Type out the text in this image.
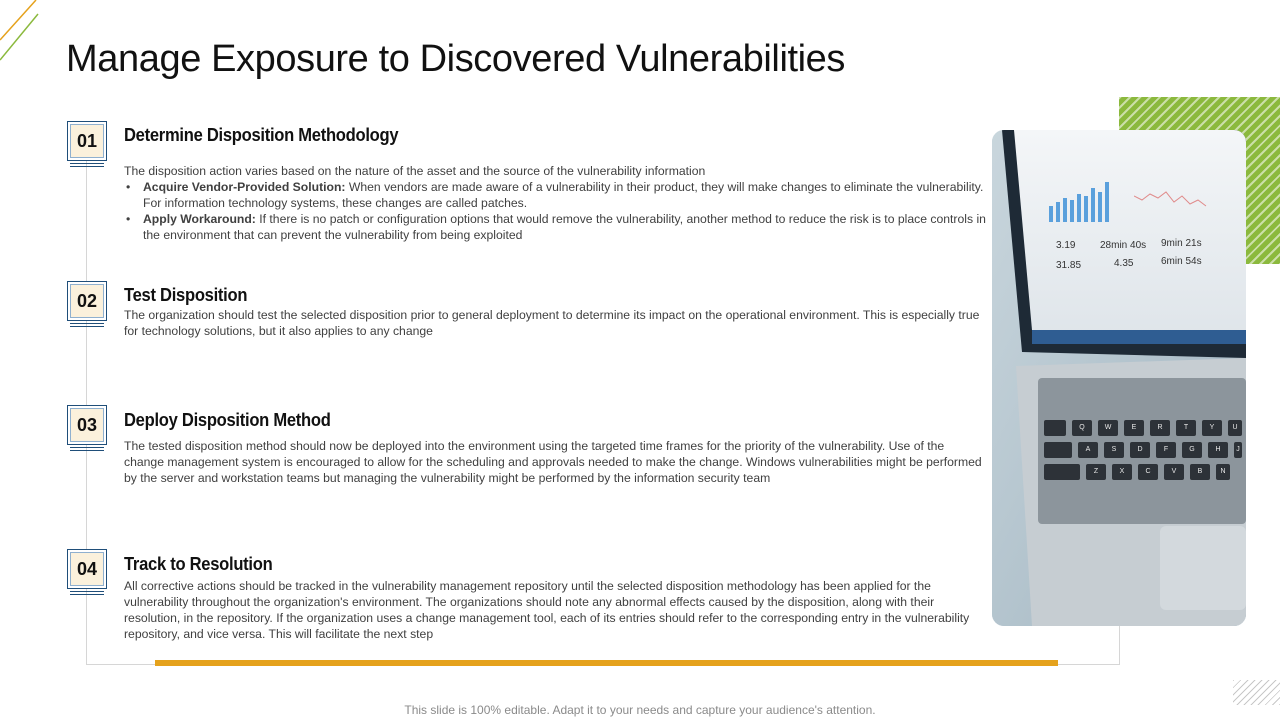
Manage Exposure to Discovered Vulnerabilities
01	Determine Disposition Methodology
The disposition action varies based on the nature of the asset and the source of the vulnerability information
• Acquire Vendor-Provided Solution: When vendors are made aware of a vulnerability in their product, they will make changes to eliminate the vulnerability. For information technology systems, these changes are called patches.
• Apply Workaround: If there is no patch or configuration options that would remove the vulnerability, another method to reduce the risk is to place controls in the environment that can prevent the vulnerability from being exploited
02	Test Disposition
The organization should test the selected disposition prior to general deployment to determine its impact on the operational environment. This is especially true for technology solutions, but it also applies to any change
03	Deploy Disposition Method
The tested disposition method should now be deployed into the environment using the targeted time frames for the priority of the vulnerability. Use of the change management system is encouraged to allow for the scheduling and approvals needed to make the change. Windows vulnerabilities might be performed by the server and workstation teams but managing the vulnerability might be performed by the information security team
04	Track to Resolution
All corrective actions should be tracked in the vulnerability management repository until the selected disposition methodology has been applied for the vulnerability throughout the organization's environment. The organizations should note any abnormal effects caused by the disposition, along with their resolution, in the repository. If the organization uses a change management tool, each of its entries should refer to the corresponding entry in the vulnerability repository, and vice versa. This will facilitate the next step
3.19 28min 40s 9min 21s
31.85	4.35	6min 54s
Q	W	E	R	T	Y	U
A	S	D	F	G	H	J
Z	X	C	V	B	N
This slide is 100% editable. Adapt it to your needs and capture your audience's attention.
